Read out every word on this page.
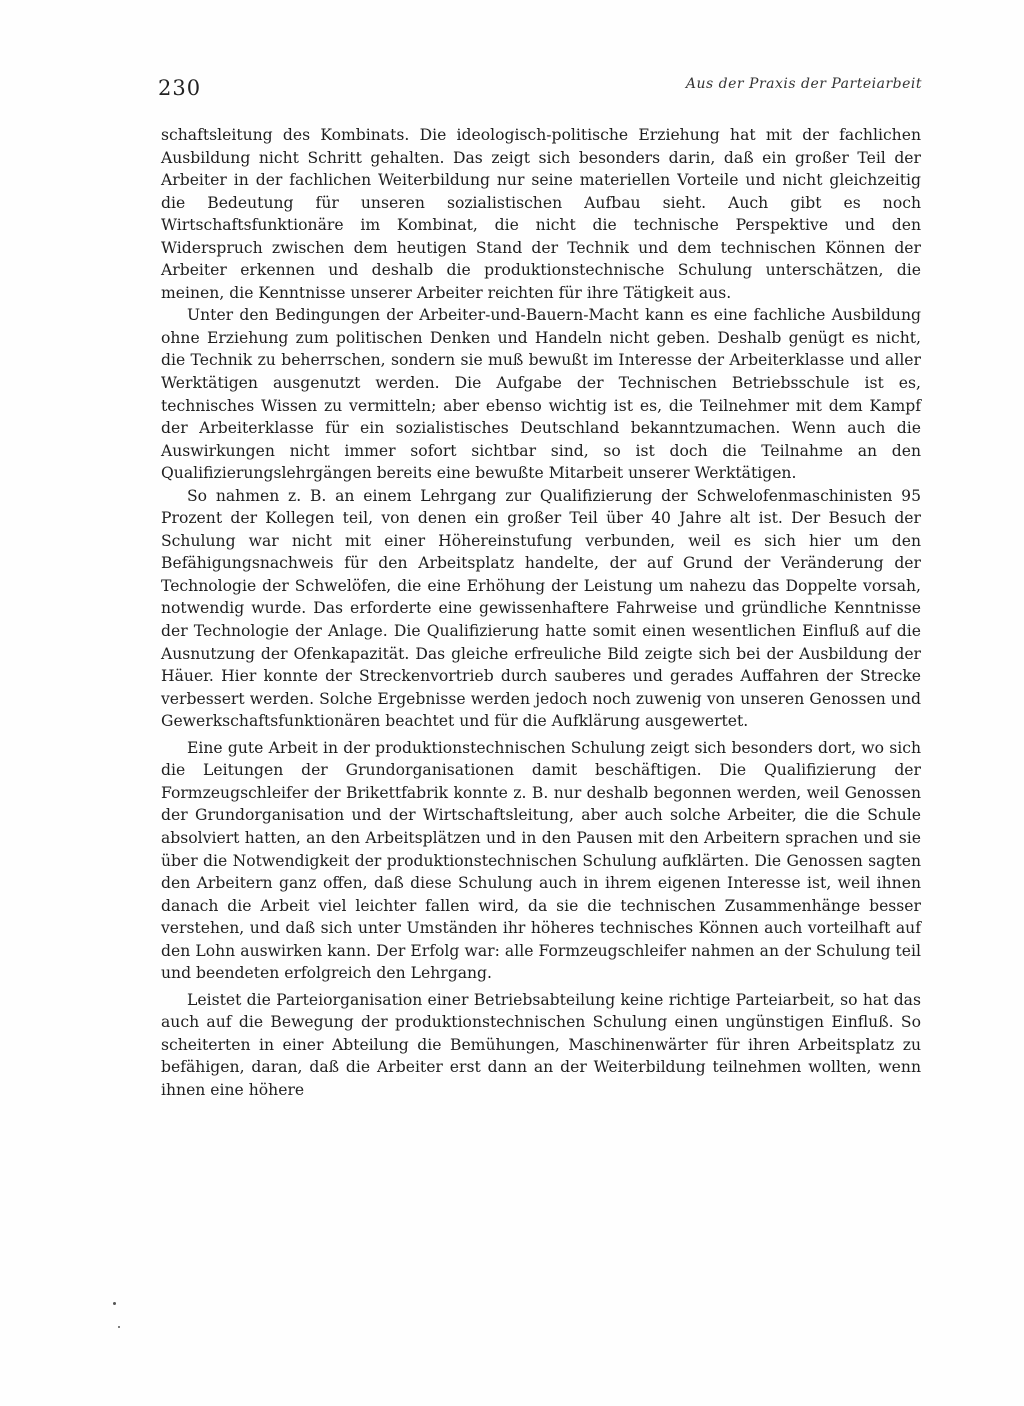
230	Aus der Praxis der Parteiarbeit

schaftsleitung des Kombinats. Die ideologisch-politische Erziehung hat mit der fachlichen Ausbildung nicht Schritt gehalten. Das zeigt sich besonders darin, daß ein großer Teil der Arbeiter in der fachlichen Weiterbildung nur seine materiellen Vorteile und nicht gleichzeitig die Bedeutung für unseren sozialistischen Aufbau sieht. Auch gibt es noch Wirtschaftsfunktionäre im Kombinat, die nicht die technische Perspektive und den Widerspruch zwischen dem heutigen Stand der Technik und dem technischen Können der Arbeiter erkennen und deshalb die produktionstechnische Schulung unterschätzen, die meinen, die Kenntnisse unserer Arbeiter reichten für ihre Tätigkeit aus.

Unter den Bedingungen der Arbeiter-und-Bauern-Macht kann es eine fachliche Ausbildung ohne Erziehung zum politischen Denken und Handeln nicht geben. Deshalb genügt es nicht, die Technik zu beherrschen, sondern sie muß bewußt im Interesse der Arbeiterklasse und aller Werktätigen ausgenutzt werden. Die Aufgabe der Technischen Betriebsschule ist es, technisches Wissen zu vermitteln; aber ebenso wichtig ist es, die Teilnehmer mit dem Kampf der Arbeiterklasse für ein sozialistisches Deutschland bekanntzumachen. Wenn auch die Auswirkungen nicht immer sofort sichtbar sind, so ist doch die Teilnahme an den Qualifizierungslehrgängen bereits eine bewußte Mitarbeit unserer Werktätigen.

So nahmen z. B. an einem Lehrgang zur Qualifizierung der Schwelofenmaschinisten 95 Prozent der Kollegen teil, von denen ein großer Teil über 40 Jahre alt ist. Der Besuch der Schulung war nicht mit einer Höhereinstufung verbunden, weil es sich hier um den Befähigungsnachweis für den Arbeitsplatz handelte, der auf Grund der Veränderung der Technologie der Schwelöfen, die eine Erhöhung der Leistung um nahezu das Doppelte vorsah, notwendig wurde. Das erforderte eine gewissenhaftere Fahrweise und gründliche Kenntnisse der Technologie der Anlage. Die Qualifizierung hatte somit einen wesentlichen Einfluß auf die Ausnutzung der Ofenkapazität. Das gleiche erfreuliche Bild zeigte sich bei der Ausbildung der Häuer. Hier konnte der Streckenvortrieb durch sauberes und gerades Auffahren der Strecke verbessert werden. Solche Ergebnisse werden jedoch noch zuwenig von unseren Genossen und Gewerkschaftsfunktionären beachtet und für die Aufklärung ausgewertet.

Eine gute Arbeit in der produktionstechnischen Schulung zeigt sich besonders dort, wo sich die Leitungen der Grundorganisationen damit beschäftigen. Die Qualifizierung der Formzeugschleifer der Brikettfabrik konnte z. B. nur deshalb begonnen werden, weil Genossen der Grundorganisation und der Wirtschaftsleitung, aber auch solche Arbeiter, die die Schule absolviert hatten, an den Arbeitsplätzen und in den Pausen mit den Arbeitern sprachen und sie über die Notwendigkeit der produktionstechnischen Schulung aufklärten. Die Genossen sagten den Arbeitern ganz offen, daß diese Schulung auch in ihrem eigenen Interesse ist, weil ihnen danach die Arbeit viel leichter fallen wird, da sie die technischen Zusammenhänge besser verstehen, und daß sich unter Umständen ihr höheres technisches Können auch vorteilhaft auf den Lohn auswirken kann. Der Erfolg war: alle Formzeugschleifer nahmen an der Schulung teil und beendeten erfolgreich den Lehrgang.

Leistet die Parteiorganisation einer Betriebsabteilung keine richtige Parteiarbeit, so hat das auch auf die Bewegung der produktionstechnischen Schulung einen ungünstigen Einfluß. So scheiterten in einer Abteilung die Bemühungen, Maschinenwärter für ihren Arbeitsplatz zu befähigen, daran, daß die Arbeiter erst dann an der Weiterbildung teilnehmen wollten, wenn ihnen eine höhere
